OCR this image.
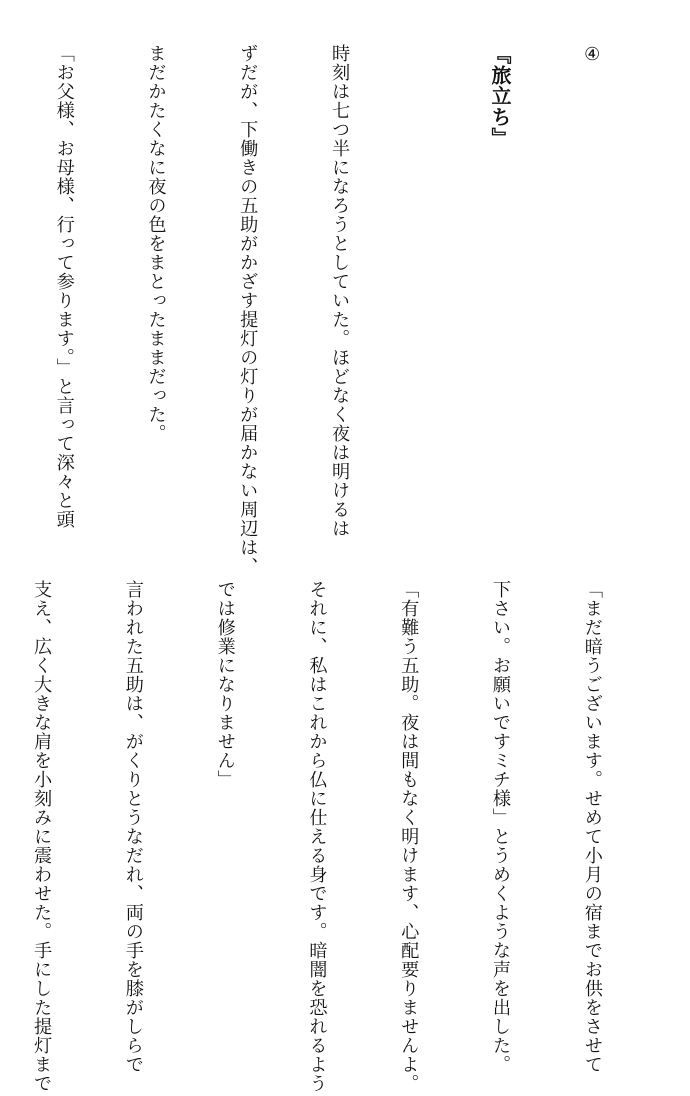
④

『旅立ち』

時刻は七つ半になろうとしていた。ほどなく夜は明けるは

ずだが、下働きの五助がかざす提灯の灯りが届かない周辺は、

まだかたくなに夜の色をまとったままだった。

「お父様、お母様、行って参ります。」と言って深々と頭

「まだ暗うございます。せめて小月の宿までお供をさせて

下さい。お願いですミチ様」とうめくような声を出した。

「有難う五助。夜は間もなく明けます、心配要りませんよ。

それに、私はこれから仏に仕える身です。暗闇を恐れるよう

では修業になりません」

言われた五助は、がくりとうなだれ、両の手を膝がしらで

支え、広く大きな肩を小刻みに震わせた。手にした提灯まで
